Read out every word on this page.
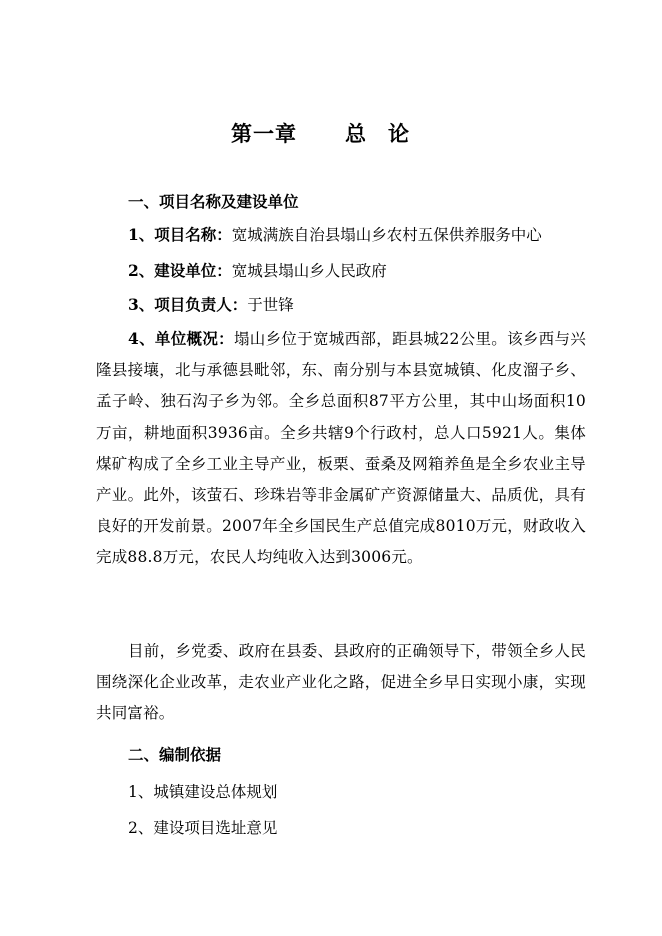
第一章 总论
一、项目名称及建设单位
1、项目名称：宽城满族自治县塌山乡农村五保供养服务中心
2、建设单位：宽城县塌山乡人民政府
3、项目负责人：于世锋
4、单位概况：塌山乡位于宽城西部，距县城22公里。该乡西与兴隆县接壤，北与承德县毗邻，东、南分别与本县宽城镇、化皮溜子乡、孟子岭、独石沟子乡为邻。全乡总面积87平方公里，其中山场面积10万亩，耕地面积3936亩。全乡共辖9个行政村，总人口5921人。集体煤矿构成了全乡工业主导产业，板栗、蚕桑及网箱养鱼是全乡农业主导产业。此外，该萤石、珍珠岩等非金属矿产资源储量大、品质优，具有良好的开发前景。2007年全乡国民生产总值完成8010万元，财政收入完成88.8万元，农民人均纯收入达到3006元。
目前，乡党委、政府在县委、县政府的正确领导下，带领全乡人民围绕深化企业改革，走农业产业化之路，促进全乡早日实现小康，实现共同富裕。
二、编制依据
1、城镇建设总体规划
2、建设项目选址意见
